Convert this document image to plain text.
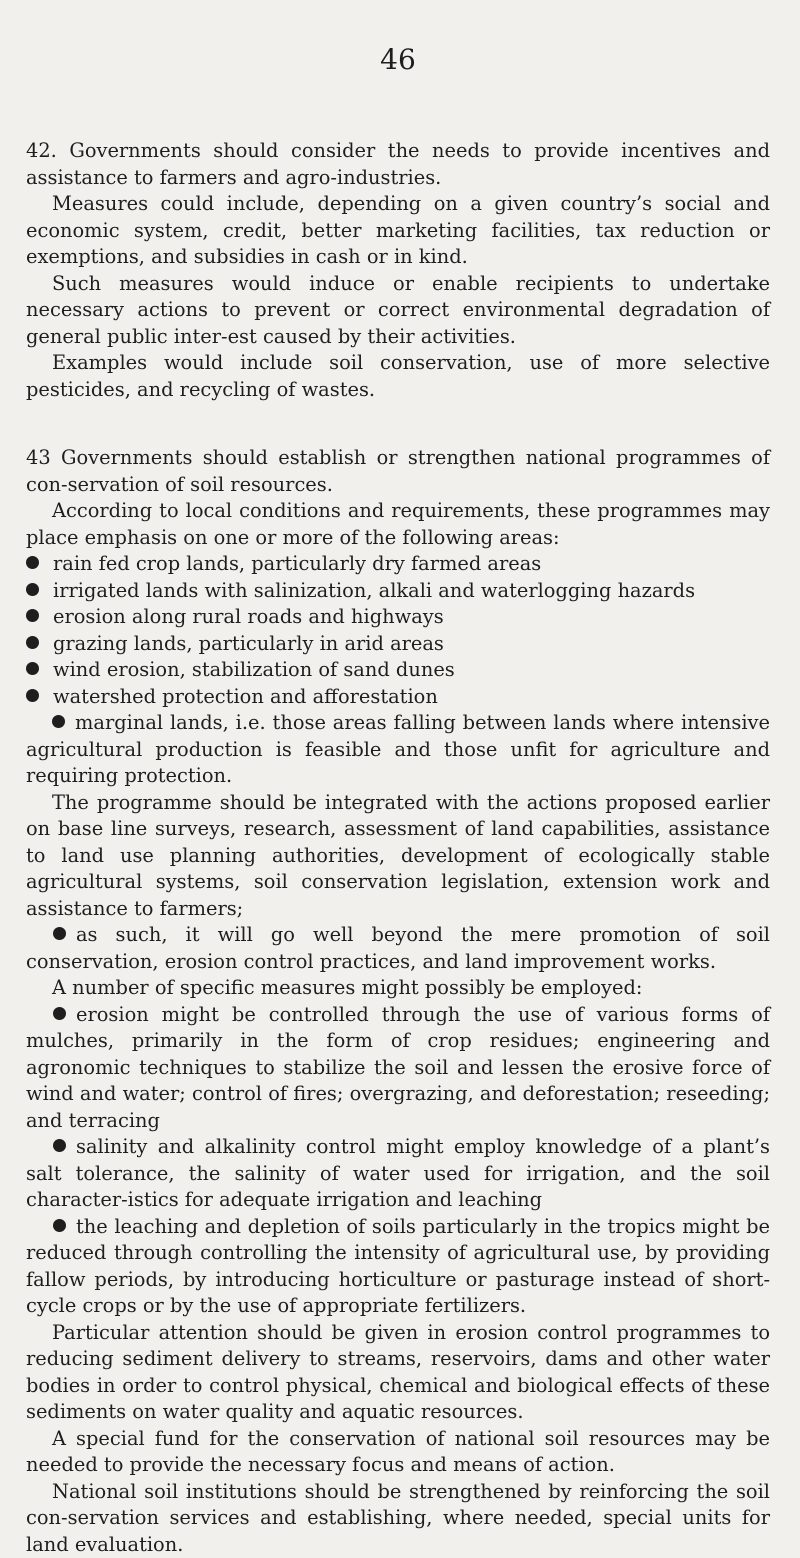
46

42. Governments should consider the needs to provide incentives and assistance to farmers and agro-industries.

Measures could include, depending on a given country’s social and economic system, credit, better marketing facilities, tax reduction or exemptions, and subsidies in cash or in kind.

Such measures would induce or enable recipients to undertake necessary actions to prevent or correct environmental degradation of general public inter-est caused by their activities.

Examples would include soil conservation, use of more selective pesticides, and recycling of wastes.

43 Governments should establish or strengthen national programmes of con-servation of soil resources.

According to local conditions and requirements, these programmes may place emphasis on one or more of the following areas:

rain fed crop lands, particularly dry farmed areas

irrigated lands with salinization, alkali and waterlogging hazards

erosion along rural roads and highways

grazing lands, particularly in arid areas

wind erosion, stabilization of sand dunes

watershed protection and afforestation

marginal lands, i.e. those areas falling between lands where intensive agricultural production is feasible and those unfit for agriculture and requiring protection.

The programme should be integrated with the actions proposed earlier on base line surveys, research, assessment of land capabilities, assistance to land use planning authorities, development of ecologically stable agricultural systems, soil conservation legislation, extension work and assistance to farmers;

as such, it will go well beyond the mere promotion of soil conservation, erosion control practices, and land improvement works.

A number of specific measures might possibly be employed:

erosion might be controlled through the use of various forms of mulches, primarily in the form of crop residues; engineering and agronomic techniques to stabilize the soil and lessen the erosive force of wind and water; control of fires; overgrazing, and deforestation; reseeding; and terracing

salinity and alkalinity control might employ knowledge of a plant’s salt tolerance, the salinity of water used for irrigation, and the soil character-istics for adequate irrigation and leaching

the leaching and depletion of soils particularly in the tropics might be reduced through controlling the intensity of agricultural use, by providing fallow periods, by introducing horticulture or pasturage instead of short-cycle crops or by the use of appropriate fertilizers.

Particular attention should be given in erosion control programmes to reducing sediment delivery to streams, reservoirs, dams and other water bodies in order to control physical, chemical and biological effects of these sediments on water quality and aquatic resources.

A special fund for the conservation of national soil resources may be needed to provide the necessary focus and means of action.

National soil institutions should be strengthened by reinforcing the soil con-servation services and establishing, where needed, special units for land evaluation.
